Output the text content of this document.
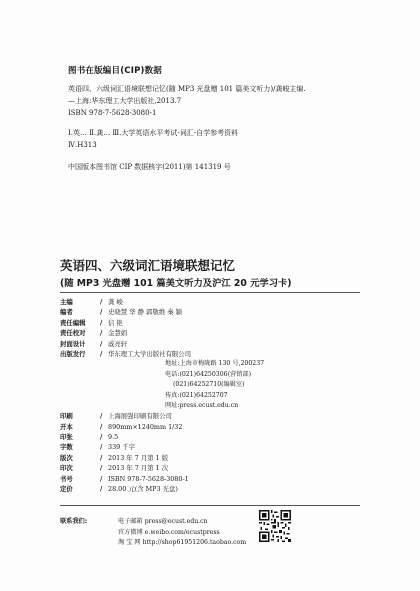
图书在版编目(CIP)数据
英语四、六级词汇语境联想记忆(随 MP3 光盘赠 101 篇美文听力)/龚峻主编.
—上海:华东理工大学出版社,2013.7
ISBN 978-7-5628-3080-1
Ⅰ.英… Ⅱ.龚… Ⅲ.大学英语水平考试-词汇-自学参考资料
Ⅳ.H313
中国版本图书馆 CIP 数据核字(2011)第 141319 号
英语四、六级词汇语境联想记忆
(随 MP3 光盘赠 101 篇美文听力及沪江 20 元学习卡)
主编	/ 龚 峻
编者	/ 史晓慧 华 静 郭敬维 秦 颖
责任编辑	/ 信 艳
责任校对	/ 金慧娟
封面设计	/ 戚亮轩
出版发行	/ 华东理工大学出版社有限公司
地址:上海市梅陇路 130 号,200237
电话:(021)64250306(营销部)
(021)64252710(编辑室)
传真:(021)64252707
网址:press.ecust.edu.cn
印刷	/ 上海展强印刷有限公司
开本	/ 890mm×1240mm 1/32
印张	/ 9.5
字数	/ 339 千字
版次	/ 2013 年 7 月第 1 版
印次	/ 2013 年 7 月第 1 次
书号	/ ISBN 978-7-5628-3080-1
定价	/ 28.00 元(含 MP3 光盘)
联系我们:	电子邮箱 press@ecust.edu.cn
官方微博 e.weibo.com/ecustpress
淘 宝 网 http://shop61951206.taobao.com
